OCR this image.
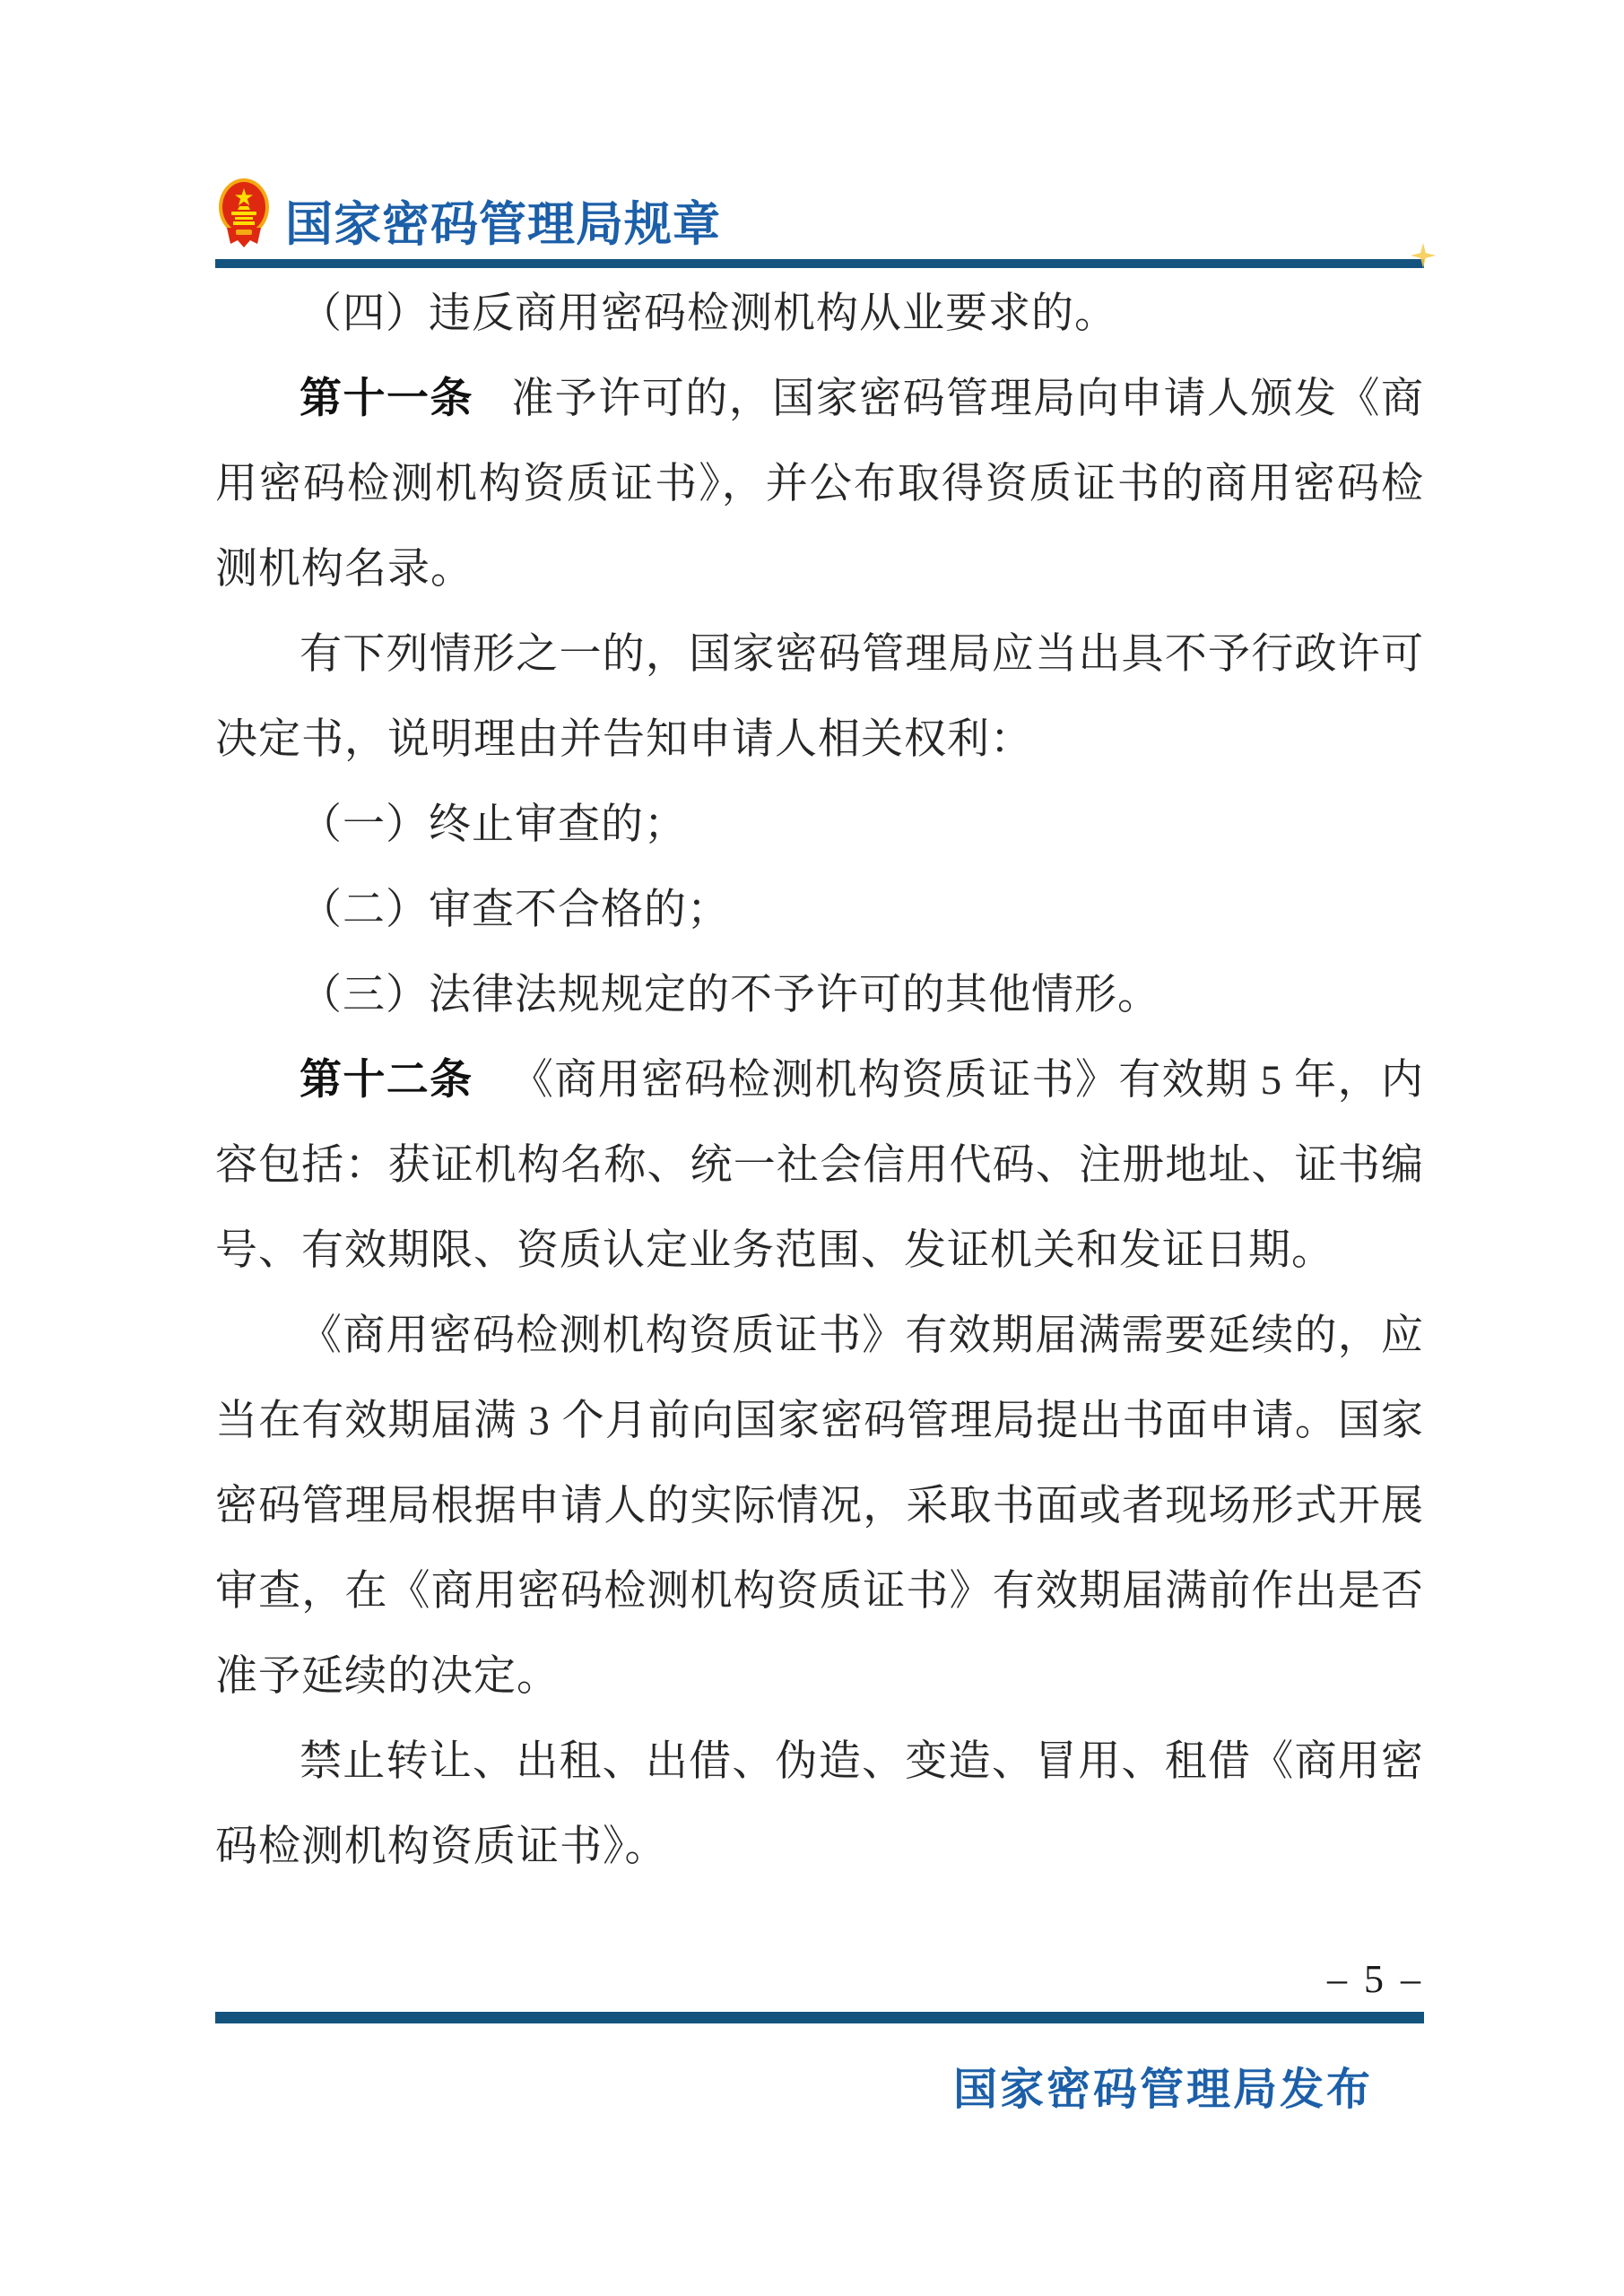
国家密码管理局规章

（四）违反商用密码检测机构从业要求的。

第十一条 准予许可的，国家密码管理局向申请人颁发《商用密码检测机构资质证书》，并公布取得资质证书的商用密码检测机构名录。

有下列情形之一的，国家密码管理局应当出具不予行政许可决定书，说明理由并告知申请人相关权利：

（一）终止审查的；

（二）审查不合格的；

（三）法律法规规定的不予许可的其他情形。

第十二条 《商用密码检测机构资质证书》有效期 5 年，内容包括：获证机构名称、统一社会信用代码、注册地址、证书编号、有效期限、资质认定业务范围、发证机关和发证日期。

《商用密码检测机构资质证书》有效期届满需要延续的，应当在有效期届满 3 个月前向国家密码管理局提出书面申请。国家密码管理局根据申请人的实际情况，采取书面或者现场形式开展审查，在《商用密码检测机构资质证书》有效期届满前作出是否准予延续的决定。

禁止转让、出租、出借、伪造、变造、冒用、租借《商用密码检测机构资质证书》。

– 5 –
国家密码管理局发布
